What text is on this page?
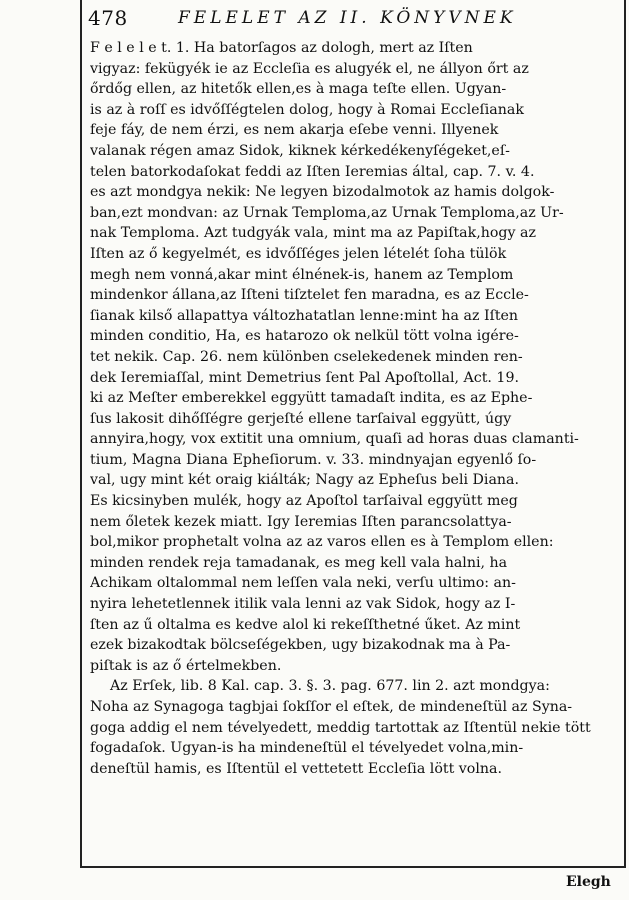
478	FELELET AZ II. KÖNYVNEK
F e l e l e t. 1. Ha batorſagos az dologh, mert az Iſten
vigyaz: fekügyék ie az Eccleſia es alugyék el, ne állyon őrt az
őrdőg ellen, az hitetők ellen,es à maga teſte ellen. Ugyan-
is az à roſſ es idvőſſégtelen dolog, hogy à Romai Eccleſianak
feje fáy, de nem érzi, es nem akarja eſebe venni. Illyenek
valanak régen amaz Sidok, kiknek kérkedékenyſégeket,eſ-
telen batorkodaſokat feddi az Iſten Ieremias által, cap. 7. v. 4.
es azt mondgya nekik: Ne legyen bizodalmotok az hamis dolgok-
ban,ezt mondvan: az Urnak Temploma,az Urnak Temploma,az Ur-
nak Temploma. Azt tudgyák vala, mint ma az Papiſtak,hogy az
Iſten az ő kegyelmét, es idvőſſéges jelen lételét ſoha tülök
megh nem vonná,akar mint élnének-is, hanem az Templom
mindenkor állana,az Iſteni tiſztelet fen maradna, es az Eccle-
ſianak kilső allapattya változhatatlan lenne:mint ha az Iſten
minden conditio, Ha, es hatarozo ok nelkül tött volna igére-
tet nekik. Cap. 26. nem különben cselekedenek minden ren-
dek Ieremiaſſal, mint Demetrius ſent Pal Apoſtollal, Act. 19.
ki az Meſter emberekkel eggyütt tamadaſt indita, es az Ephe-
ſus lakosit dihőſſégre gerjeſté ellene tarſaival eggyütt, úgy
annyira,hogy, vox extitit una omnium, quaſi ad horas duas clamanti-
tium, Magna Diana Epheſiorum. v. 33. mindnyajan egyenlő ſo-
val, ugy mint két oraig kiálták; Nagy az Epheſus beli Diana.
Es kicsinyben mulék, hogy az Apoſtol tarſaival eggyütt meg
nem őletek kezek miatt. Igy Ieremias Iſten parancsolattya-
bol,mikor prophetalt volna az az varos ellen es à Templom ellen:
minden rendek reja tamadanak, es meg kell vala halni, ha
Achikam oltalommal nem leſſen vala neki, verſu ultimo: an-
nyira lehetetlennek itilik vala lenni az vak Sidok, hogy az I-
ſten az ű oltalma es kedve alol ki rekeſſthetné űket. Az mint
ezek bizakodtak bölcseſégekben, ugy bizakodnak ma à Pa-
piſtak is az ő értelmekben.
Az Erſek, lib. 8 Kal. cap. 3. §. 3. pag. 677. lin 2. azt mondgya:
Noha az Synagoga tagbjai ſokſſor el eſtek, de mindeneſtül az Syna-
goga addig el nem tévelyedett, meddig tartottak az Iſtentül nekie tött
fogadaſok. Ugyan-is ha mindeneſtül el tévelyedet volna,min-
deneſtül hamis, es Iſtentül el vettetett Eccleſia lött volna.
Elegh
